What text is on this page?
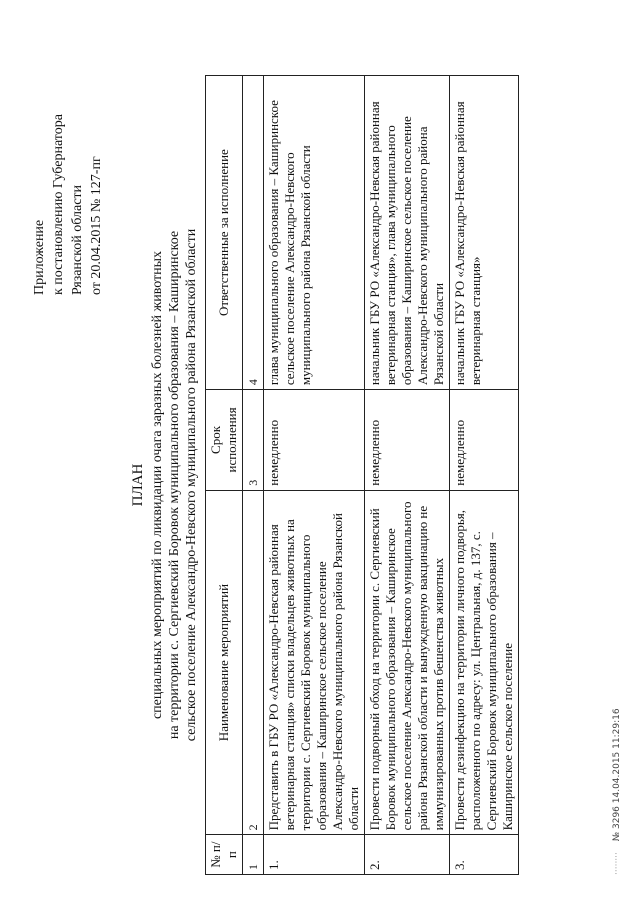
Приложение к постановлению Губернатора Рязанской области от 20.04.2015 № 127-пг
ПЛАН специальных мероприятий по ликвидации очага заразных болезней животных на территории с. Сергиевский Боровок муниципального образования – Каширинское сельское поселение Александро-Невского муниципального района Рязанской области
№ п/п	Наименование мероприятий	Срок исполнения	Ответственные за исполнение
1	2	3	4
1.	Представить в ГБУ РО «Александро-Невская районная ветеринарная станция» списки владельцев животных на территории с. Сергиевский Боровок муниципального образования – Каширинское сельское поселение Александро-Невского муниципального района Рязанской области	немедленно	глава муниципального образования – Каширинское сельское поселение Александро-Невского муниципального района Рязанской области
2.	Провести подворный обход на территории с. Сергиевский Боровок муниципального образования – Каширинское сельское поселение Александро-Невского муниципального района Рязанской области и вынужденную вакцинацию не иммунизированных против бешенства животных	немедленно	начальник ГБУ РО «Александро-Невская районная ветеринарная станция», глава муниципального образования – Каширинское сельское поселение Александро-Невского муниципального района Рязанской области
3.	Провести дезинфекцию на территории личного подворья, расположенного по адресу: ул. Центральная, д. 137, с. Сергиевский Боровок муниципального образования – Каширинское сельское поселение	немедленно	начальник ГБУ РО «Александро-Невская районная ветеринарная станция»
········ № 3296 14.04.2015 11:29:16
